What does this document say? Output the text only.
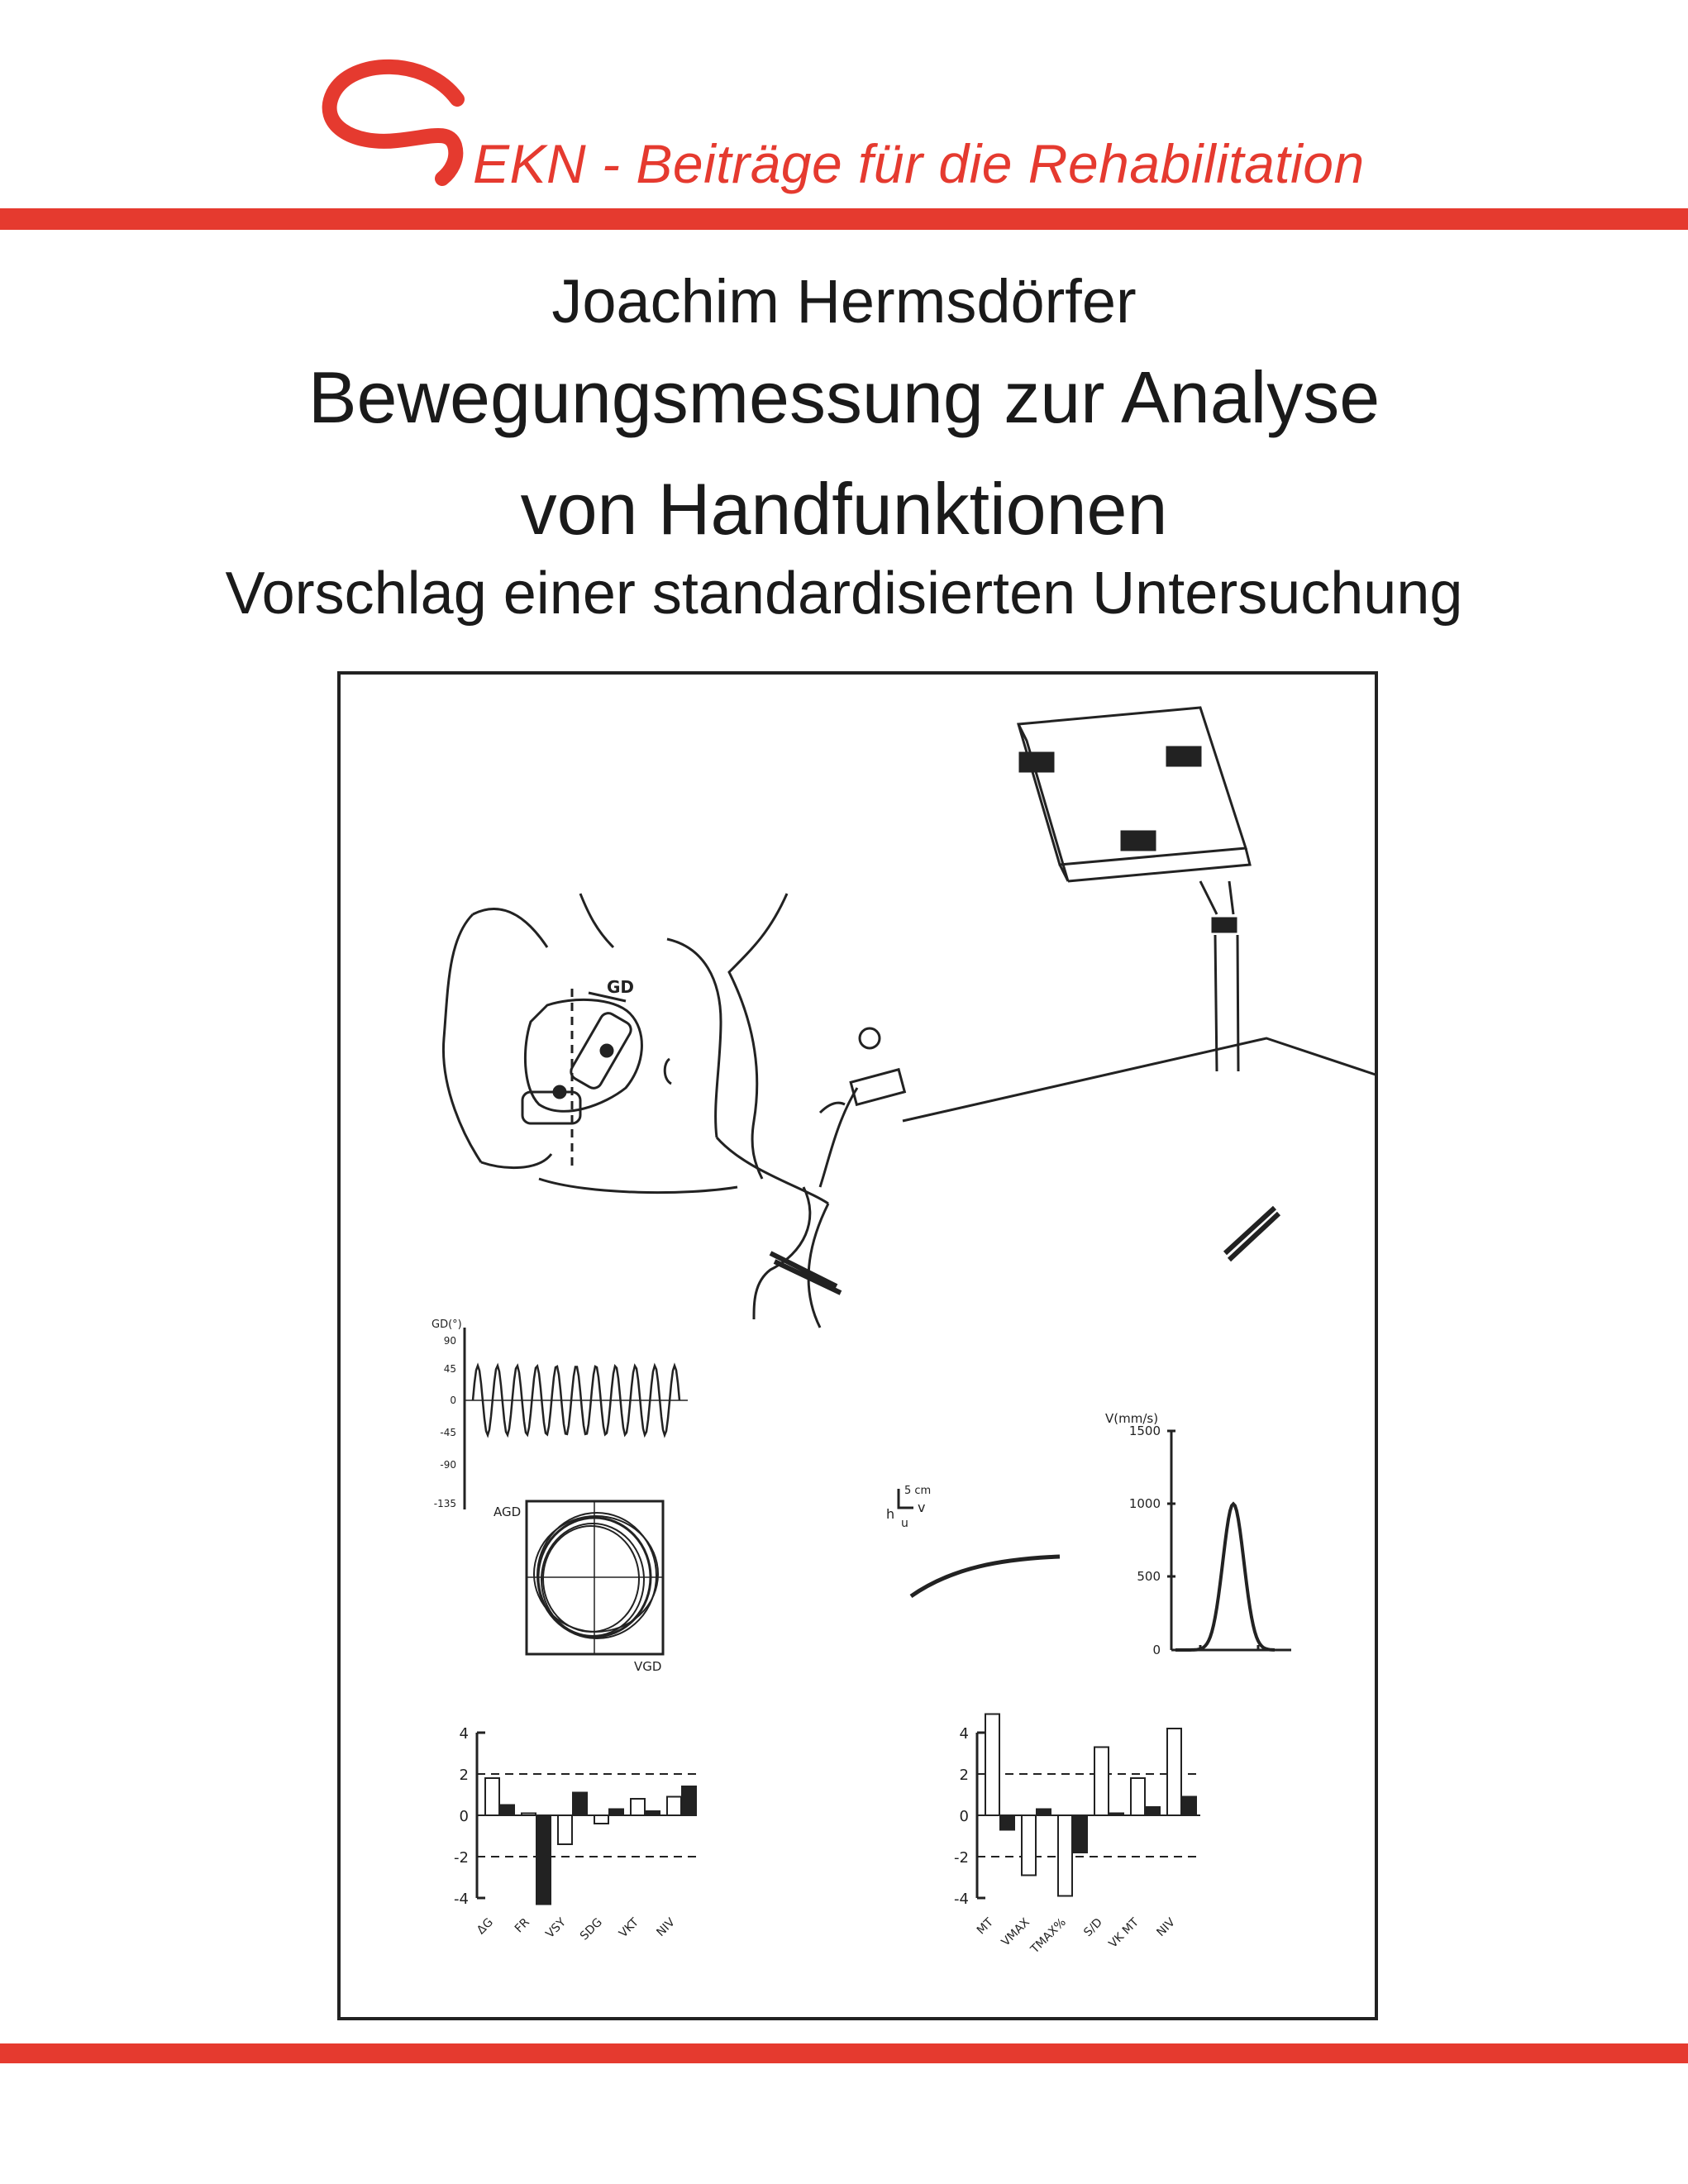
EKN - Beiträge für die Rehabilitation
Joachim Hermsdörfer
Bewegungsmessung zur Analyse
von Handfunktionen
Vorschlag einer standardisierten Untersuchung
GD
GD(°)
90
45
0
-45
-90
-135
AGD
VGD
5 cm
h
u
v
V(mm/s)
1500
1000
500
0
4
2
0
-2
-4
4
2
0
-2
-4
ΔG FR VSY SDG VKT NIV	MT VMAX
TMAX% S/D VK MT NIV
